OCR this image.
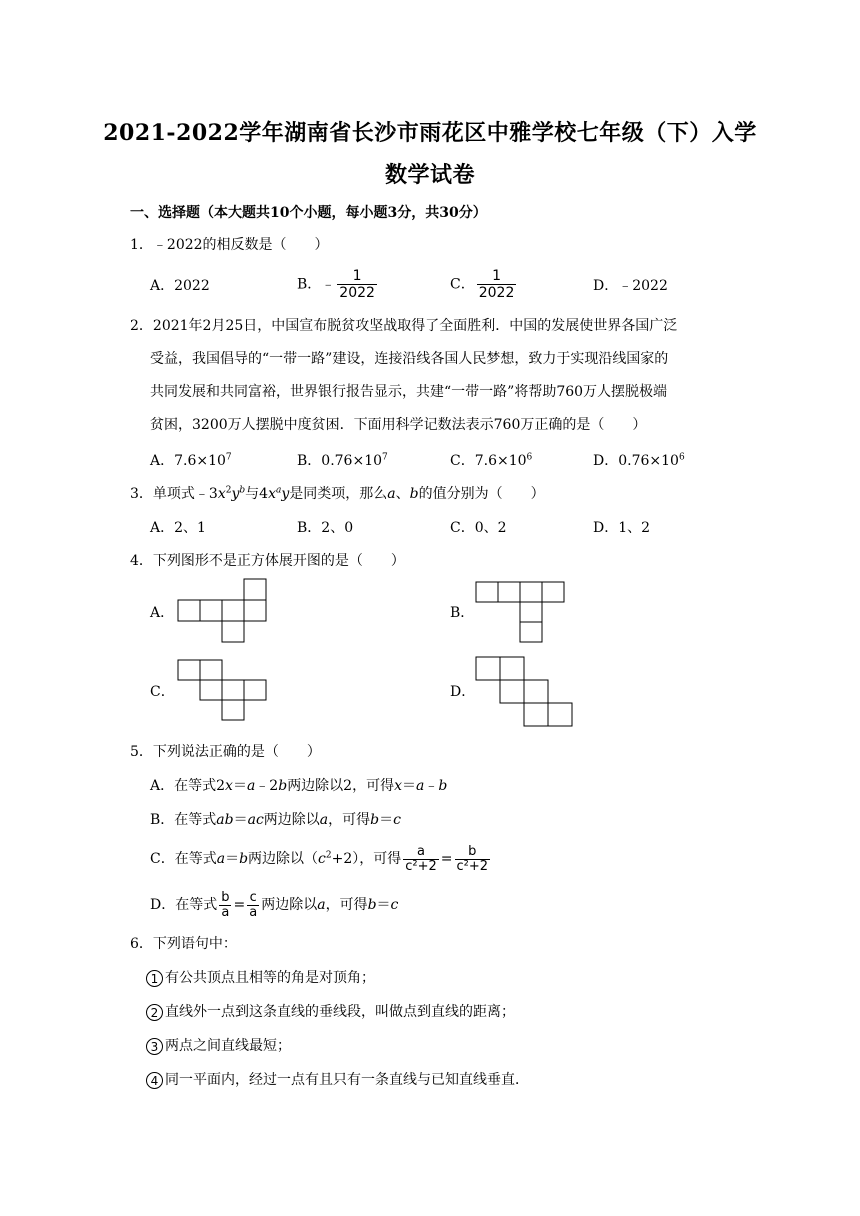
2021-2022学年湖南省长沙市雨花区中雅学校七年级（下）入学
数学试卷
一、选择题（本大题共10个小题，每小题3分，共30分）
1．﹣2022的相反数是（　　）
A．2022	B．﹣ $\frac{1}{2022}$	C． $\frac{1}{2022}$	D．﹣2022
2．2021年2月25日，中国宣布脱贫攻坚战取得了全面胜利．中国的发展使世界各国广泛
受益，我国倡导的“一带一路”建设，连接沿线各国人民梦想，致力于实现沿线国家的
共同发展和共同富裕，世界银行报告显示，共建“一带一路”将帮助760万人摆脱极端
贫困，3200万人摆脱中度贫困．下面用科学记数法表示760万正确的是（　　）
A．$7.6\times 10^7$	B．$0.76\times 10^7$	C．$7.6\times 10^6$	D．$0.76\times 10^6$
3．单项式$﹣3x^2y^b$与$4x^ay$是同类项，那么a、b的值分别为（　　）
A．2、1	B．2、0	C．0、2	D．1、2
4．下列图形不是正方体展开图的是（　　）
A．	B．
C．	D．
5．下列说法正确的是（　　）
A．在等式2x＝a﹣2b两边除以2，可得x＝a﹣b
B．在等式ab＝ac两边除以a，可得b＝c
C．在等式a＝b两边除以$(c^2+2)$，可得 $\frac{a}{\text{c²+2}} = \frac{b}{\text{c²+2}}$
D．在等式 $\frac{b}{a} = \frac{c}{a}$ 两边除以a，可得b＝c
6．下列语句中：
1 有公共顶点且相等的角是对顶角；
2 直线外一点到这条直线的垂线段，叫做点到直线的距离；
3 两点之间直线最短；
4 同一平面内，经过一点有且只有一条直线与已知直线垂直．
